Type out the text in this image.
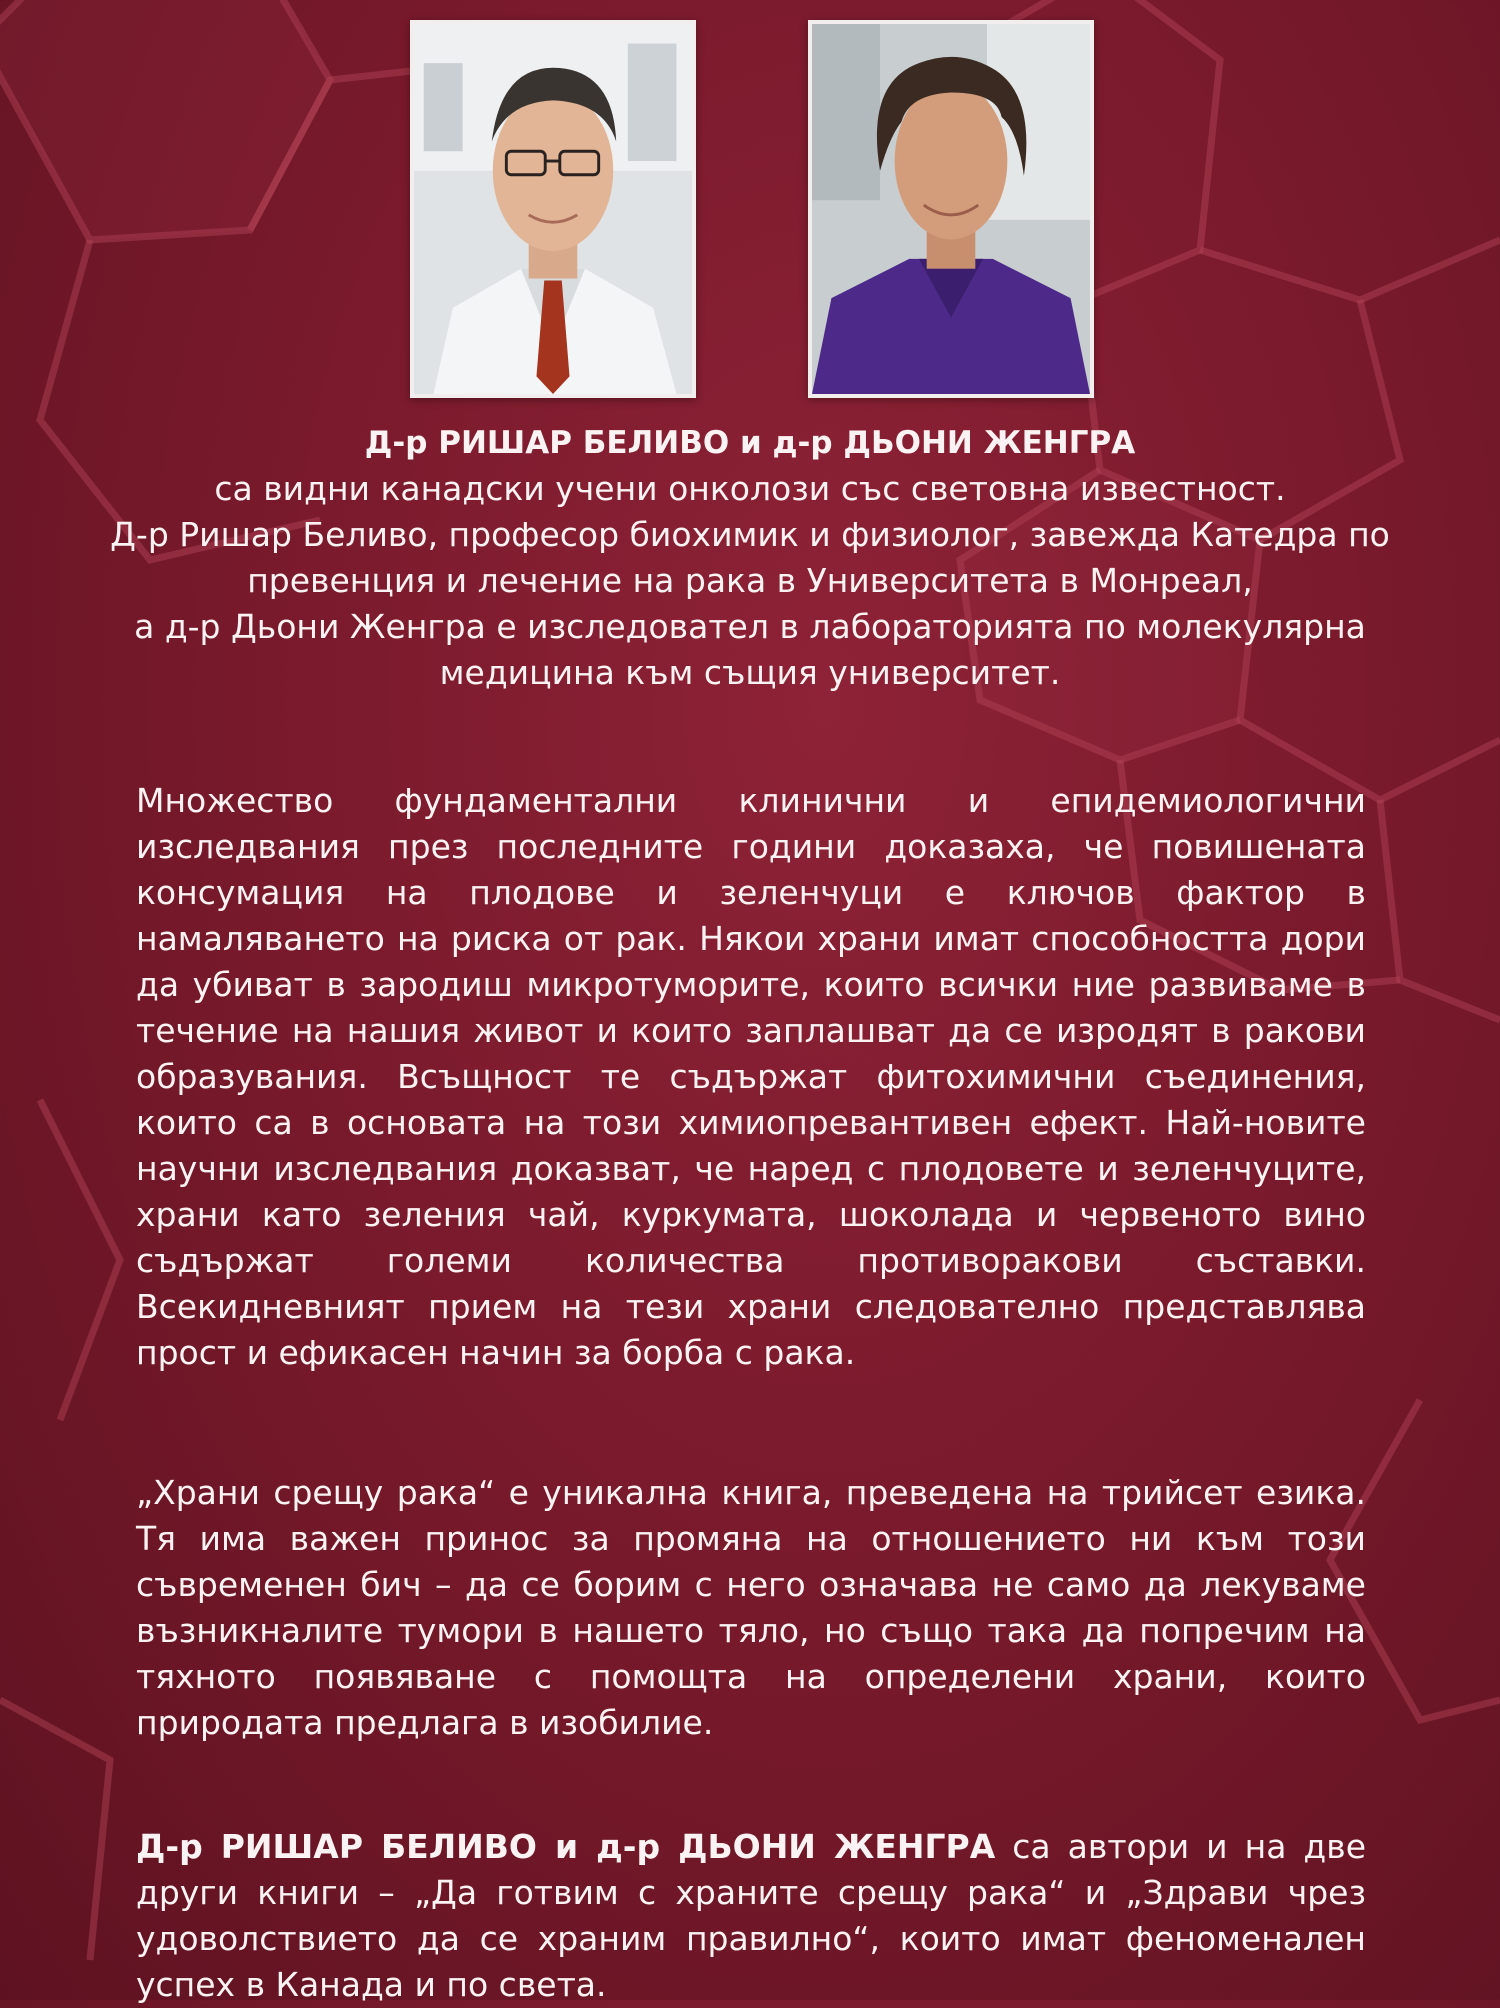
Д-р РИШАР БЕЛИВО и д-р ДЬОНИ ЖЕНГРА
са видни канадски учени онколози със световна известност.
Д-р Ришар Беливо, професор биохимик и физиолог, завежда Катедра по
превенция и лечение на рака в Университета в Монреал,
а д-р Дьони Женгра е изследовател в лабораторията по молекулярна
медицина към същия университет.

Множество фундаментални клинични и епидемиологични изследвания през последните години доказаха, че повишената консумация на плодове и зеленчуци е ключов фактор в намаляването на риска от рак. Някои храни имат способността дори да убиват в зародиш микротуморите, които всички ние развиваме в течение на нашия живот и които заплашват да се изродят в ракови образувания. Всъщност те съдържат фитохимични съединения, които са в основата на този химиопревантивен ефект. Най-новите научни изследвания доказват, че наред с плодовете и зеленчуците, храни като зеления чай, куркумата, шоколада и червеното вино съдържат големи количества противоракови съставки. Всекидневният прием на тези храни следователно представлява прост и ефикасен начин за борба с рака.

„Храни срещу рака“ е уникална книга, преведена на трийсет езика. Тя има важен принос за промяна на отношението ни към този съвременен бич – да се борим с него означава не само да лекуваме възникналите тумори в нашето тяло, но също така да попречим на тяхното появяване с помощта на определени храни, които природата предлага в изобилие.

Д-р РИШАР БЕЛИВО и д-р ДЬОНИ ЖЕНГРА са автори и на две други книги – „Да готвим с храните срещу рака“ и „Здрави чрез удоволствието да се храним правилно“, които имат феноменален успех в Канада и по света.
